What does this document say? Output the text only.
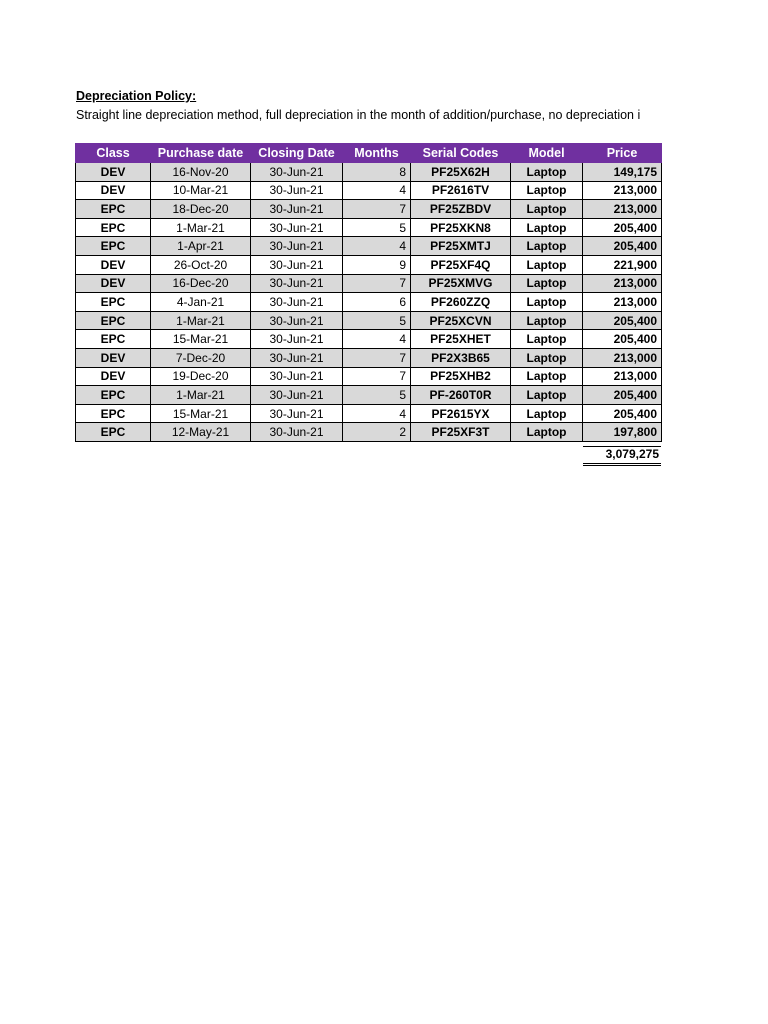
Depreciation Policy:
Straight line depreciation method, full depreciation in the month of addition/purchase, no depreciation i
Class	Purchase date	Closing Date	Months	Serial Codes	Model	Price
DEV	16-Nov-20	30-Jun-21	8	PF25X62H	Laptop	149,175
DEV	10-Mar-21	30-Jun-21	4	PF2616TV	Laptop	213,000
EPC	18-Dec-20	30-Jun-21	7	PF25ZBDV	Laptop	213,000
EPC	1-Mar-21	30-Jun-21	5	PF25XKN8	Laptop	205,400
EPC	1-Apr-21	30-Jun-21	4	PF25XMTJ	Laptop	205,400
DEV	26-Oct-20	30-Jun-21	9	PF25XF4Q	Laptop	221,900
DEV	16-Dec-20	30-Jun-21	7	PF25XMVG	Laptop	213,000
EPC	4-Jan-21	30-Jun-21	6	PF260ZZQ	Laptop	213,000
EPC	1-Mar-21	30-Jun-21	5	PF25XCVN	Laptop	205,400
EPC	15-Mar-21	30-Jun-21	4	PF25XHET	Laptop	205,400
DEV	7-Dec-20	30-Jun-21	7	PF2X3B65	Laptop	213,000
DEV	19-Dec-20	30-Jun-21	7	PF25XHB2	Laptop	213,000
EPC	1-Mar-21	30-Jun-21	5	PF-260T0R	Laptop	205,400
EPC	15-Mar-21	30-Jun-21	4	PF2615YX	Laptop	205,400
EPC	12-May-21	30-Jun-21	2	PF25XF3T	Laptop	197,800
3,079,275
